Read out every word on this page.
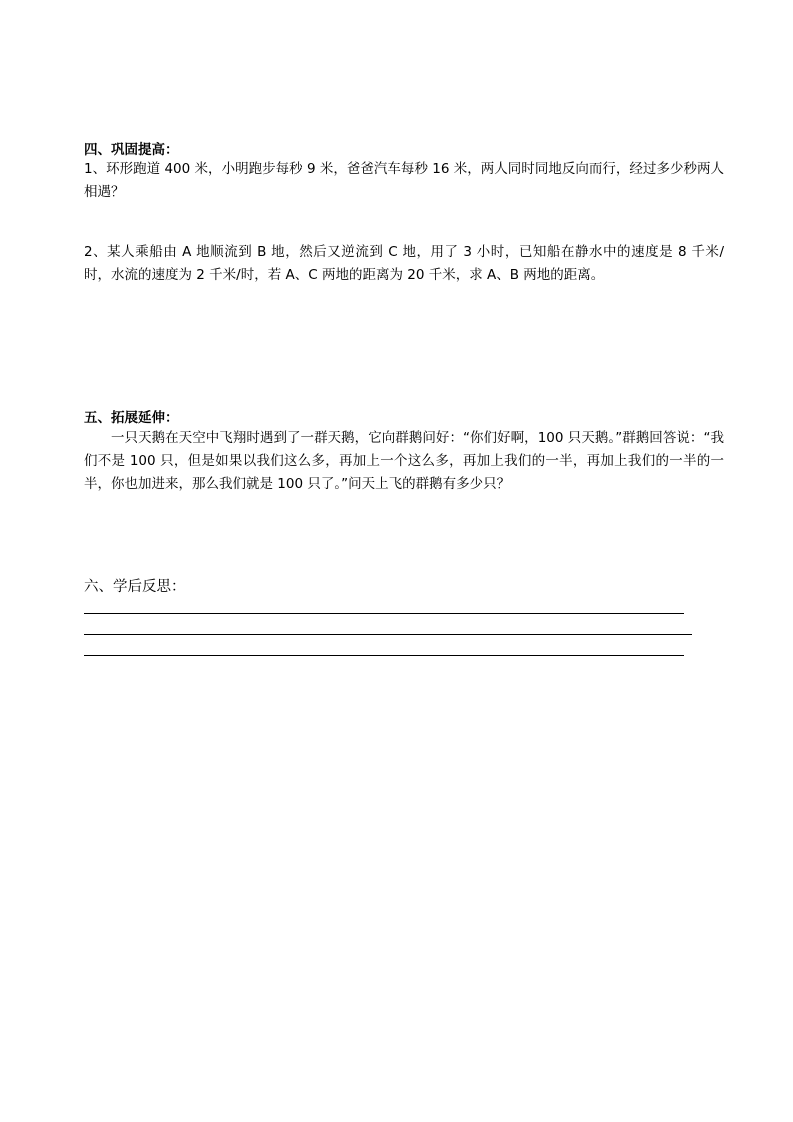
四、巩固提高：

1、环形跑道 400 米，小明跑步每秒 9 米，爸爸汽车每秒 16 米，两人同时同地反向而行，经过多少秒两人相遇？

2、某人乘船由 A 地顺流到 B 地，然后又逆流到 C 地，用了 3 小时，已知船在静水中的速度是 8 千米/时，水流的速度为 2 千米/时，若 A、C 两地的距离为 20 千米，求 A、B 两地的距离。

五、拓展延伸：

一只天鹅在天空中飞翔时遇到了一群天鹅，它向群鹅问好：“你们好啊，100 只天鹅。”群鹅回答说：“我们不是 100 只，但是如果以我们这么多，再加上一个这么多，再加上我们的一半，再加上我们的一半的一半，你也加进来，那么我们就是 100 只了。”问天上飞的群鹅有多少只？

六、学后反思：
